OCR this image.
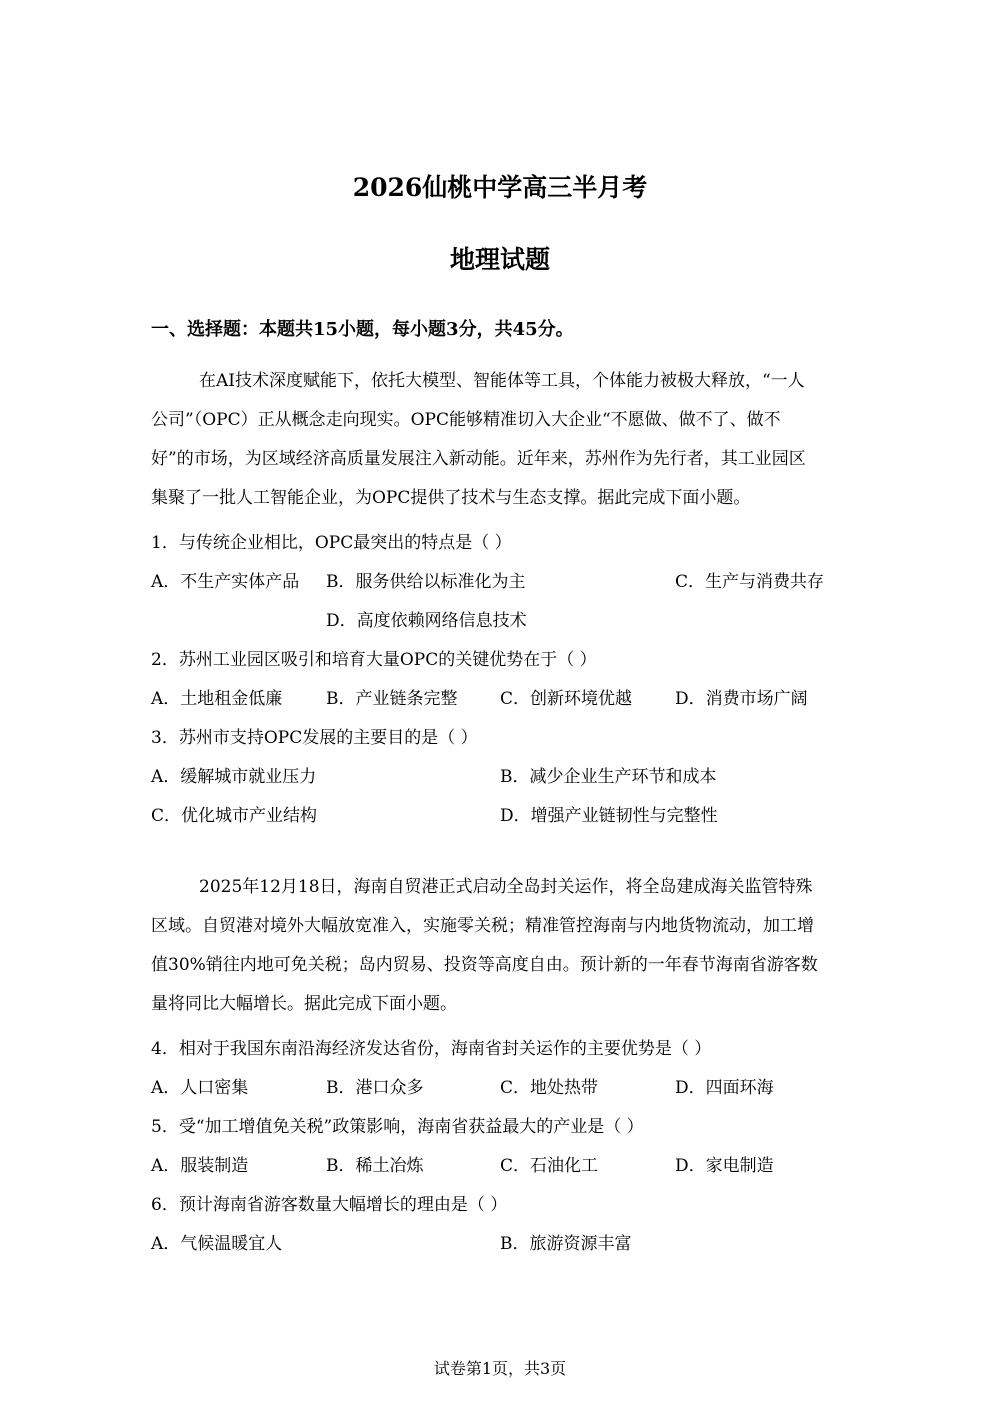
2026仙桃中学高三半月考
地理试题
一、选择题：本题共15小题，每小题3分，共45分。
在AI技术深度赋能下，依托大模型、智能体等工具，个体能力被极大释放，“一人
公司”（OPC）正从概念走向现实。OPC能够精准切入大企业“不愿做、做不了、做不
好”的市场，为区域经济高质量发展注入新动能。近年来，苏州作为先行者，其工业园区
集聚了一批人工智能企业，为OPC提供了技术与生态支撑。据此完成下面小题。
1．与传统企业相比，OPC最突出的特点是（ ）
A．不生产实体产品 B．服务供给以标准化为主	C．生产与消费共存
D．高度依赖网络信息技术
2．苏州工业园区吸引和培育大量OPC的关键优势在于（ ）
A．土地租金低廉	B．产业链条完整	C．创新环境优越	D．消费市场广阔
3．苏州市支持OPC发展的主要目的是（ ）
A．缓解城市就业压力	B．减少企业生产环节和成本
C．优化城市产业结构	D．增强产业链韧性与完整性
2025年12月18日，海南自贸港正式启动全岛封关运作，将全岛建成海关监管特殊
区域。自贸港对境外大幅放宽准入，实施零关税；精准管控海南与内地货物流动，加工增
值30%销往内地可免关税；岛内贸易、投资等高度自由。预计新的一年春节海南省游客数
量将同比大幅增长。据此完成下面小题。
4．相对于我国东南沿海经济发达省份，海南省封关运作的主要优势是（ ）
A．人口密集	B．港口众多	C．地处热带	D．四面环海
5．受“加工增值免关税”政策影响，海南省获益最大的产业是（ ）
A．服装制造	B．稀土冶炼	C．石油化工	D．家电制造
6．预计海南省游客数量大幅增长的理由是（ ）
A．气候温暖宜人	B．旅游资源丰富
试卷第1页，共3页
